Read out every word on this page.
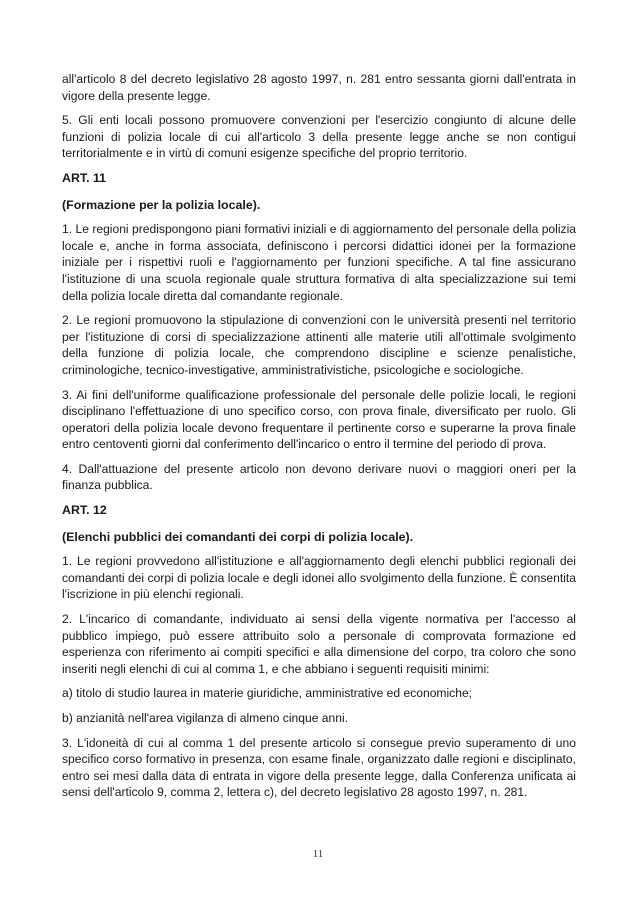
all'articolo 8 del decreto legislativo 28 agosto 1997, n. 281 entro sessanta giorni dall'entrata in vigore della presente legge.

5. Gli enti locali possono promuovere convenzioni per l'esercizio congiunto di alcune delle funzioni di polizia locale di cui all'articolo 3 della presente legge anche se non contigui territorialmente e in virtù di comuni esigenze specifiche del proprio territorio.

ART. 11
(Formazione per la polizia locale).

1. Le regioni predispongono piani formativi iniziali e di aggiornamento del personale della polizia locale e, anche in forma associata, definiscono i percorsi didattici idonei per la formazione iniziale per i rispettivi ruoli e l'aggiornamento per funzioni specifiche. A tal fine assicurano l'istituzione di una scuola regionale quale struttura formativa di alta specializzazione sui temi della polizia locale diretta dal comandante regionale.

2. Le regioni promuovono la stipulazione di convenzioni con le università presenti nel territorio per l'istituzione di corsi di specializzazione attinenti alle materie utili all'ottimale svolgimento della funzione di polizia locale, che comprendono discipline e scienze penalistiche, criminologiche, tecnico-investigative, amministrativistiche, psicologiche e sociologiche.

3. Ai fini dell'uniforme qualificazione professionale del personale delle polizie locali, le regioni disciplinano l'effettuazione di uno specifico corso, con prova finale, diversificato per ruolo. Gli operatori della polizia locale devono frequentare il pertinente corso e superarne la prova finale entro centoventi giorni dal conferimento dell'incarico o entro il termine del periodo di prova.

4. Dall'attuazione del presente articolo non devono derivare nuovi o maggiori oneri per la finanza pubblica.

ART. 12
(Elenchi pubblici dei comandanti dei corpi di polizia locale).

1. Le regioni provvedono all'istituzione e all'aggiornamento degli elenchi pubblici regionali dei comandanti dei corpi di polizia locale e degli idonei allo svolgimento della funzione. È consentita l'iscrizione in più elenchi regionali.

2. L'incarico di comandante, individuato ai sensi della vigente normativa per l'accesso al pubblico impiego, può essere attribuito solo a personale di comprovata formazione ed esperienza con riferimento ai compiti specifici e alla dimensione del corpo, tra coloro che sono inseriti negli elenchi di cui al comma 1, e che abbiano i seguenti requisiti minimi:

a) titolo di studio laurea in materie giuridiche, amministrative ed economiche;

b) anzianità nell'area vigilanza di almeno cinque anni.

3. L'idoneità di cui al comma 1 del presente articolo si consegue previo superamento di uno specifico corso formativo in presenza, con esame finale, organizzato dalle regioni e disciplinato, entro sei mesi dalla data di entrata in vigore della presente legge, dalla Conferenza unificata ai sensi dell'articolo 9, comma 2, lettera c), del decreto legislativo 28 agosto 1997, n. 281.

11
